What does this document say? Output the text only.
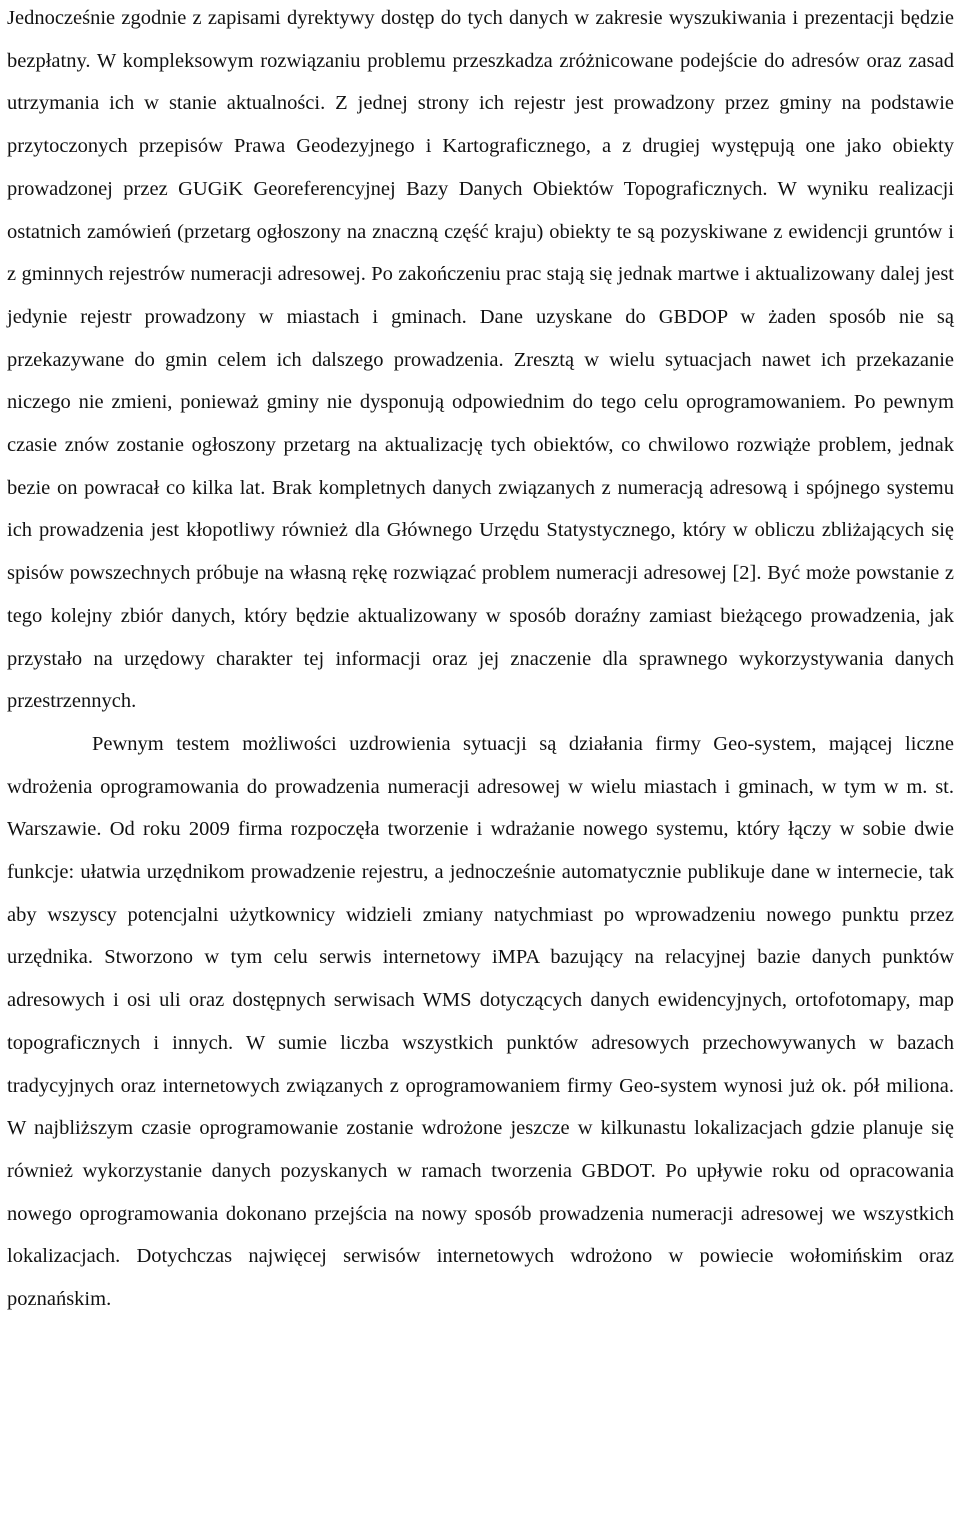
Jednocześnie zgodnie z zapisami dyrektywy dostęp do tych danych w zakresie wyszukiwania i prezentacji będzie bezpłatny. W kompleksowym rozwiązaniu problemu przeszkadza zróżnicowane podejście do adresów oraz zasad utrzymania ich w stanie aktualności. Z jednej strony ich rejestr jest prowadzony przez gminy na podstawie przytoczonych przepisów Prawa Geodezyjnego i Kartograficznego, a z drugiej występują one jako obiekty prowadzonej przez GUGiK Georeferencyjnej Bazy Danych Obiektów Topograficznych. W wyniku realizacji ostatnich zamówień (przetarg ogłoszony na znaczną część kraju) obiekty te są pozyskiwane z ewidencji gruntów i z gminnych rejestrów numeracji adresowej. Po zakończeniu prac stają się jednak martwe i aktualizowany dalej jest jedynie rejestr prowadzony w miastach i gminach. Dane uzyskane do GBDOP w żaden sposób nie są przekazywane do gmin celem ich dalszego prowadzenia. Zresztą w wielu sytuacjach nawet ich przekazanie niczego nie zmieni, ponieważ gminy nie dysponują odpowiednim do tego celu oprogramowaniem. Po pewnym czasie znów zostanie ogłoszony przetarg na aktualizację tych obiektów, co chwilowo rozwiąże problem, jednak bezie on powracał co kilka lat. Brak kompletnych danych związanych z numeracją adresową i spójnego systemu ich prowadzenia jest kłopotliwy również dla Głównego Urzędu Statystycznego, który w obliczu zbliżających się spisów powszechnych próbuje na własną rękę rozwiązać problem numeracji adresowej [2]. Być może powstanie z tego kolejny zbiór danych, który będzie aktualizowany w sposób doraźny zamiast bieżącego prowadzenia, jak przystało na urzędowy charakter tej informacji oraz jej znaczenie dla sprawnego wykorzystywania danych przestrzennych.

Pewnym testem możliwości uzdrowienia sytuacji są działania firmy Geo-system, mającej liczne wdrożenia oprogramowania do prowadzenia numeracji adresowej w wielu miastach i gminach, w tym w m. st. Warszawie. Od roku 2009 firma rozpoczęła tworzenie i wdrażanie nowego systemu, który łączy w sobie dwie funkcje: ułatwia urzędnikom prowadzenie rejestru, a jednocześnie automatycznie publikuje dane w internecie, tak aby wszyscy potencjalni użytkownicy widzieli zmiany natychmiast po wprowadzeniu nowego punktu przez urzędnika. Stworzono w tym celu serwis internetowy iMPA bazujący na relacyjnej bazie danych punktów adresowych i osi uli oraz dostępnych serwisach WMS dotyczących danych ewidencyjnych, ortofotomapy, map topograficznych i innych. W sumie liczba wszystkich punktów adresowych przechowywanych w bazach tradycyjnych oraz internetowych związanych z oprogramowaniem firmy Geo-system wynosi już ok. pół miliona. W najbliższym czasie oprogramowanie zostanie wdrożone jeszcze w kilkunastu lokalizacjach gdzie planuje się również wykorzystanie danych pozyskanych w ramach tworzenia GBDOT. Po upływie roku od opracowania nowego oprogramowania dokonano przejścia na nowy sposób prowadzenia numeracji adresowej we wszystkich lokalizacjach. Dotychczas najwięcej serwisów internetowych wdrożono w powiecie wołomińskim oraz poznańskim.
